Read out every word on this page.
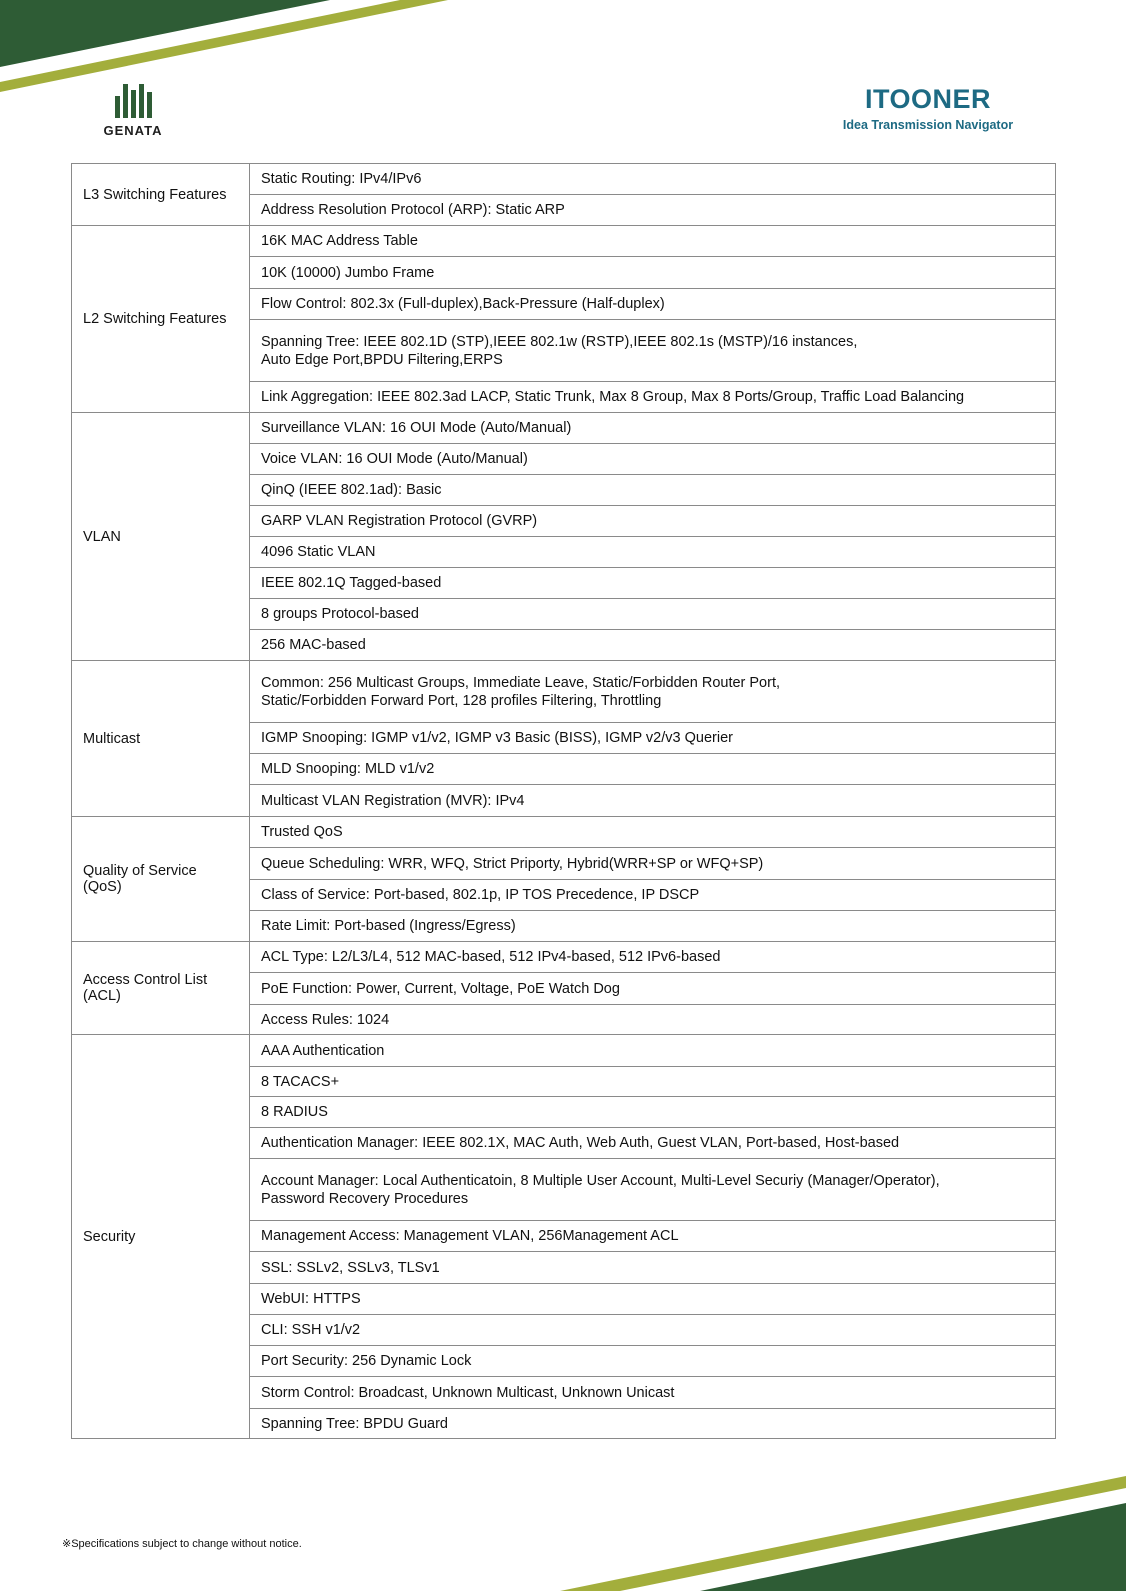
GENATA
ITOONER
Idea Transmission Navigator
L3 Switching Features	Static Routing: IPv4/IPv6
	Address Resolution Protocol (ARP): Static ARP
L2 Switching Features	16K MAC Address Table
	10K (10000) Jumbo Frame
	Flow Control: 802.3x (Full-duplex),Back-Pressure (Half-duplex)
	Spanning Tree: IEEE 802.1D (STP),IEEE 802.1w (RSTP),IEEE 802.1s (MSTP)/16 instances,
Auto Edge Port,BPDU Filtering,ERPS
	Link Aggregation: IEEE 802.3ad LACP, Static Trunk, Max 8 Group, Max 8 Ports/Group, Traffic Load Balancing
VLAN	Surveillance VLAN: 16 OUI Mode (Auto/Manual)
	Voice VLAN: 16 OUI Mode (Auto/Manual)
	QinQ (IEEE 802.1ad): Basic
	GARP VLAN Registration Protocol (GVRP)
	4096 Static VLAN
	IEEE 802.1Q Tagged-based
	8 groups Protocol-based
	256 MAC-based
Multicast	Common: 256 Multicast Groups, Immediate Leave, Static/Forbidden Router Port,
Static/Forbidden Forward Port, 128 profiles Filtering, Throttling
	IGMP Snooping: IGMP v1/v2, IGMP v3 Basic (BISS), IGMP v2/v3 Querier
	MLD Snooping: MLD v1/v2
	Multicast VLAN Registration (MVR): IPv4
Quality of Service
(QoS)	Trusted QoS
	Queue Scheduling: WRR, WFQ, Strict Priporty, Hybrid(WRR+SP or WFQ+SP)
	Class of Service: Port-based, 802.1p, IP TOS Precedence, IP DSCP
	Rate Limit: Port-based (Ingress/Egress)
Access Control List
(ACL)	ACL Type: L2/L3/L4, 512 MAC-based, 512 IPv4-based, 512 IPv6-based
	PoE Function: Power, Current, Voltage, PoE Watch Dog
	Access Rules: 1024
Security	AAA Authentication
	8 TACACS+
	8 RADIUS
	Authentication Manager: IEEE 802.1X, MAC Auth, Web Auth, Guest VLAN, Port-based, Host-based
	Account Manager: Local Authenticatoin, 8 Multiple User Account, Multi-Level Securiy (Manager/Operator),
Password Recovery Procedures
	Management Access: Management VLAN, 256Management ACL
	SSL: SSLv2, SSLv3, TLSv1
	WebUI: HTTPS
	CLI: SSH v1/v2
	Port Security: 256 Dynamic Lock
	Storm Control: Broadcast, Unknown Multicast, Unknown Unicast
	Spanning Tree: BPDU Guard
※Specifications subject to change without notice.
